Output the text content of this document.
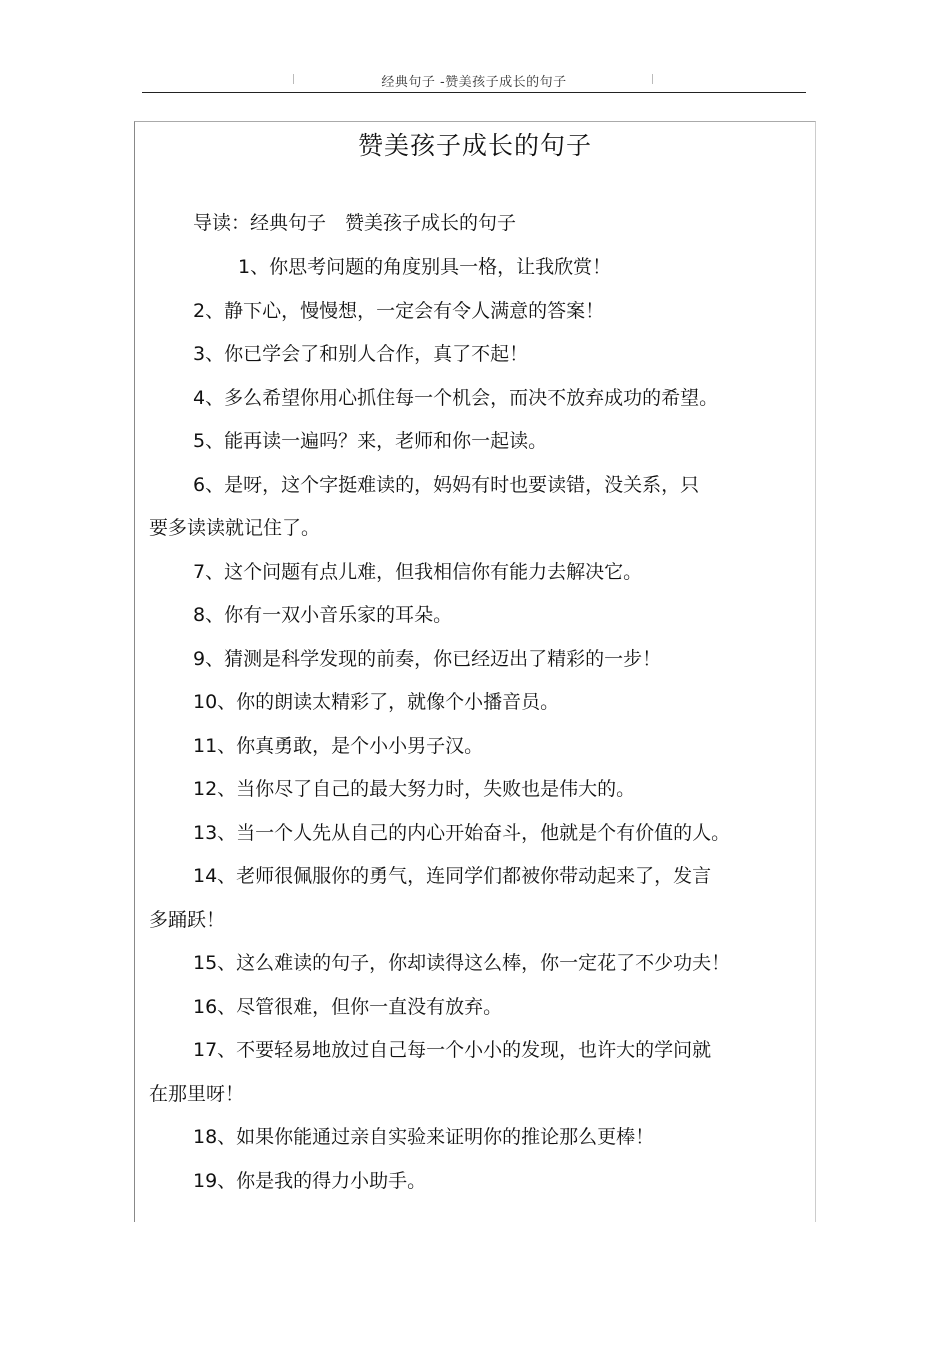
经典句子 -赞美孩子成长的句子
赞美孩子成长的句子
导读：经典句子　赞美孩子成长的句子
1、你思考问题的角度别具一格，让我欣赏！
2、静下心，慢慢想，一定会有令人满意的答案！
3、你已学会了和别人合作，真了不起！
4、多么希望你用心抓住每一个机会，而决不放弃成功的希望。
5、能再读一遍吗？来，老师和你一起读。
6、是呀，这个字挺难读的，妈妈有时也要读错，没关系，只
要多读读就记住了。
7、这个问题有点儿难，但我相信你有能力去解决它。
8、你有一双小音乐家的耳朵。
9、猜测是科学发现的前奏，你已经迈出了精彩的一步！
10、你的朗读太精彩了，就像个小播音员。
11、你真勇敢，是个小小男子汉。
12、当你尽了自己的最大努力时，失败也是伟大的。
13、当一个人先从自己的内心开始奋斗，他就是个有价值的人。
14、老师很佩服你的勇气，连同学们都被你带动起来了，发言
多踊跃！
15、这么难读的句子，你却读得这么棒，你一定花了不少功夫！
16、尽管很难，但你一直没有放弃。
17、不要轻易地放过自己每一个小小的发现，也许大的学问就
在那里呀！
18、如果你能通过亲自实验来证明你的推论那么更棒！
19、你是我的得力小助手。
